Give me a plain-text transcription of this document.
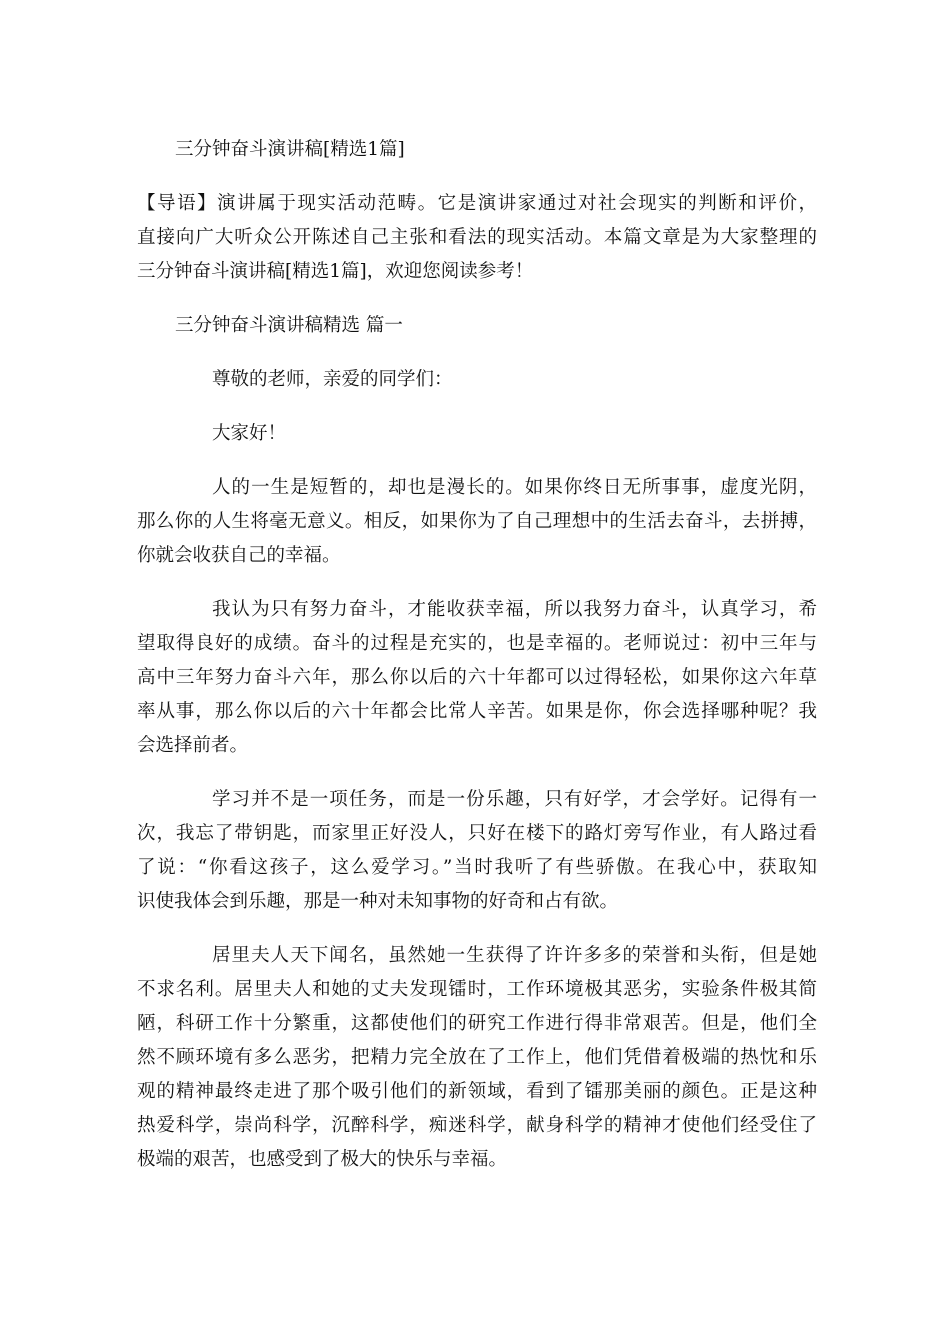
三分钟奋斗演讲稿[精选1篇]
【导语】演讲属于现实活动范畴。它是演讲家通过对社会现实的判断和评价，
直接向广大听众公开陈述自己主张和看法的现实活动。本篇文章是为大家整理的
三分钟奋斗演讲稿[精选1篇]，欢迎您阅读参考！
三分钟奋斗演讲稿精选 篇一
尊敬的老师，亲爱的同学们：
大家好！
人的一生是短暂的，却也是漫长的。如果你终日无所事事，虚度光阴，
那么你的人生将毫无意义。相反，如果你为了自己理想中的生活去奋斗，去拼搏，
你就会收获自己的幸福。
我认为只有努力奋斗，才能收获幸福，所以我努力奋斗，认真学习，希
望取得良好的成绩。奋斗的过程是充实的，也是幸福的。老师说过：初中三年与
高中三年努力奋斗六年，那么你以后的六十年都可以过得轻松，如果你这六年草
率从事，那么你以后的六十年都会比常人辛苦。如果是你，你会选择哪种呢？我
会选择前者。
学习并不是一项任务，而是一份乐趣，只有好学，才会学好。记得有一
次，我忘了带钥匙，而家里正好没人，只好在楼下的路灯旁写作业，有人路过看
了说：“你看这孩子，这么爱学习。”当时我听了有些骄傲。在我心中，获取知
识使我体会到乐趣，那是一种对未知事物的好奇和占有欲。
居里夫人天下闻名，虽然她一生获得了许许多多的荣誉和头衔，但是她
不求名利。居里夫人和她的丈夫发现镭时，工作环境极其恶劣，实验条件极其简
陋，科研工作十分繁重，这都使他们的研究工作进行得非常艰苦。但是，他们全
然不顾环境有多么恶劣，把精力完全放在了工作上，他们凭借着极端的热忱和乐
观的精神最终走进了那个吸引他们的新领域，看到了镭那美丽的颜色。正是这种
热爱科学，崇尚科学，沉醉科学，痴迷科学，献身科学的精神才使他们经受住了
极端的艰苦，也感受到了极大的快乐与幸福。
